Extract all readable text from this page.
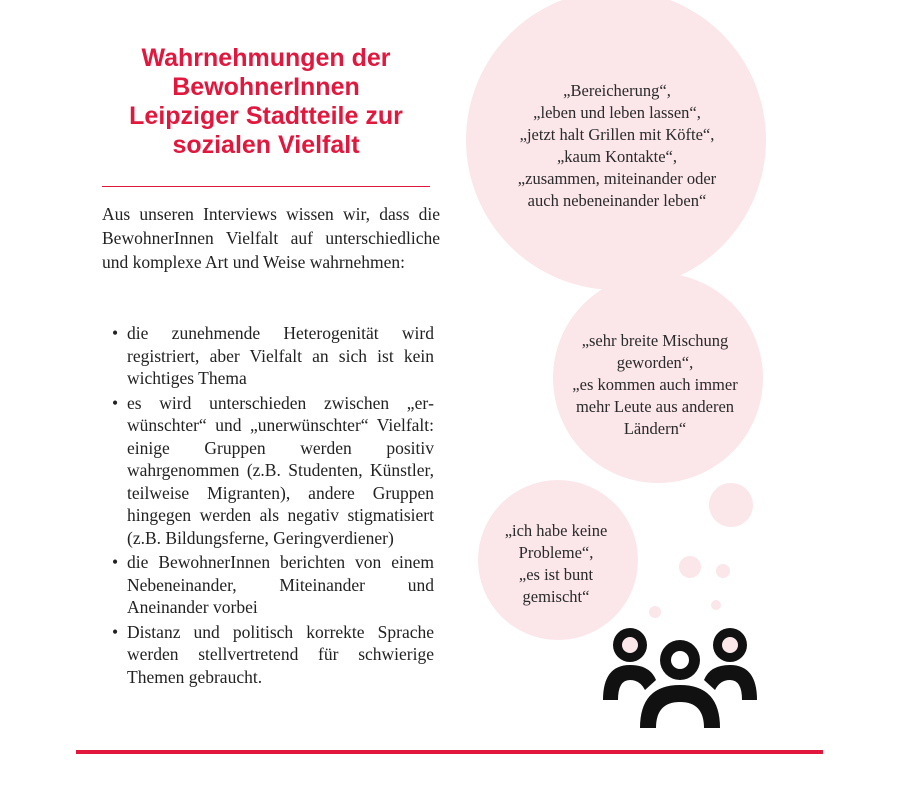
Wahrnehmungen der
BewohnerInnen
Leipziger Stadtteile zur
sozialen Vielfalt

Aus unseren Interviews wissen wir, dass die BewohnerInnen Vielfalt auf unterschiedliche und komplexe Art und Weise wahrnehmen:

• die zunehmende Heterogenität wird registriert, aber Vielfalt an sich ist kein wichtiges Thema
• es wird unterschieden zwischen „erwünschter“ und „unerwünschter“ Vielfalt: einige Gruppen werden positiv wahrgenommen (z.B. Studenten, Künstler, teilweise Migranten), andere Gruppen hingegen werden als negativ stigmatisiert (z.B. Bildungsferne, Geringverdiener)
• die BewohnerInnen berichten von einem Nebeneinander, Miteinander und Aneinander vorbei
• Distanz und politisch korrekte Sprache werden stellvertretend für schwierige Themen gebraucht.
„Bereicherung“,
„leben und leben lassen“,
„jetzt halt Grillen mit Köfte“,
„kaum Kontakte“,
„zusammen, miteinander oder
auch nebeneinander leben“
„sehr breite Mischung
geworden“,
„es kommen auch immer
mehr Leute aus anderen
Ländern“
„ich habe keine
Probleme“,
„es ist bunt
gemischt“
